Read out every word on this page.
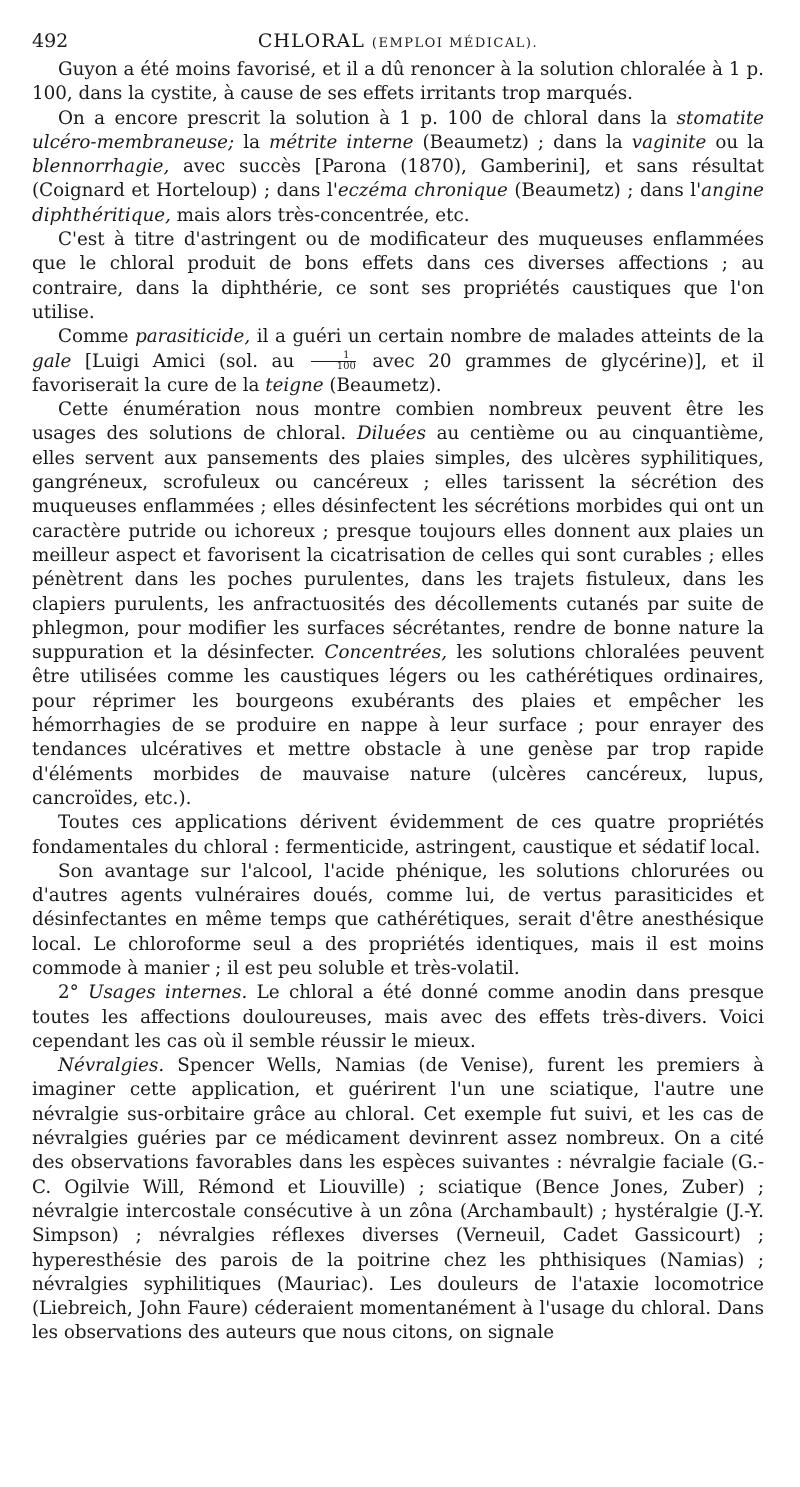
492	CHLORAL (EMPLOI MÉDICAL).

Guyon a été moins favorisé, et il a dû renoncer à la solution chloralée à 1 p. 100, dans la cystite, à cause de ses effets irritants trop marqués.

On a encore prescrit la solution à 1 p. 100 de chloral dans la stomatite ulcéro-membraneuse; la métrite interne (Beaumetz) ; dans la vaginite ou la blennorrhagie, avec succès [Parona (1870), Gamberini], et sans résultat (Coignard et Horteloup) ; dans l'eczéma chronique (Beaumetz) ; dans l'angine diphthéritique, mais alors très-concentrée, etc.

C'est à titre d'astringent ou de modificateur des muqueuses enflammées que le chloral produit de bons effets dans ces diverses affections ; au contraire, dans la diphthérie, ce sont ses propriétés caustiques que l'on utilise.

Comme parasiticide, il a guéri un certain nombre de malades atteints de la gale [Luigi Amici (sol. au $\frac{1}{100}$ avec 20 grammes de glycérine)], et il favoriserait la cure de la teigne (Beaumetz).

Cette énumération nous montre combien nombreux peuvent être les usages des solutions de chloral. Diluées au centième ou au cinquantième, elles servent aux pansements des plaies simples, des ulcères syphilitiques, gangréneux, scrofuleux ou cancéreux ; elles tarissent la sécrétion des muqueuses enflammées ; elles désinfectent les sécrétions morbides qui ont un caractère putride ou ichoreux ; presque toujours elles donnent aux plaies un meilleur aspect et favorisent la cicatrisation de celles qui sont curables ; elles pénètrent dans les poches purulentes, dans les trajets fistuleux, dans les clapiers purulents, les anfractuosités des décollements cutanés par suite de phlegmon, pour modifier les surfaces sécrétantes, rendre de bonne nature la suppuration et la désinfecter. Concentrées, les solutions chloralées peuvent être utilisées comme les caustiques légers ou les cathérétiques ordinaires, pour réprimer les bourgeons exubérants des plaies et empêcher les hémorrhagies de se produire en nappe à leur surface ; pour enrayer des tendances ulcératives et mettre obstacle à une genèse par trop rapide d'éléments morbides de mauvaise nature (ulcères cancéreux, lupus, cancroïdes, etc.).

Toutes ces applications dérivent évidemment de ces quatre propriétés fondamentales du chloral : fermenticide, astringent, caustique et sédatif local.

Son avantage sur l'alcool, l'acide phénique, les solutions chlorurées ou d'autres agents vulnéraires doués, comme lui, de vertus parasiticides et désinfectantes en même temps que cathérétiques, serait d'être anesthésique local. Le chloroforme seul a des propriétés identiques, mais il est moins commode à manier ; il est peu soluble et très-volatil.

2° Usages internes. Le chloral a été donné comme anodin dans presque toutes les affections douloureuses, mais avec des effets très-divers. Voici cependant les cas où il semble réussir le mieux.

Névralgies. Spencer Wells, Namias (de Venise), furent les premiers à imaginer cette application, et guérirent l'un une sciatique, l'autre une névralgie sus-orbitaire grâce au chloral. Cet exemple fut suivi, et les cas de névralgies guéries par ce médicament devinrent assez nombreux. On a cité des observations favorables dans les espèces suivantes : névralgie faciale (G.-C. Ogilvie Will, Rémond et Liouville) ; sciatique (Bence Jones, Zuber) ; névralgie intercostale consécutive à un zôna (Archambault) ; hystéralgie (J.-Y. Simpson) ; névralgies réflexes diverses (Verneuil, Cadet Gassicourt) ; hyperesthésie des parois de la poitrine chez les phthisiques (Namias) ; névralgies syphilitiques (Mauriac). Les douleurs de l'ataxie locomotrice (Liebreich, John Faure) céderaient momentanément à l'usage du chloral. Dans les observations des auteurs que nous citons, on signale
